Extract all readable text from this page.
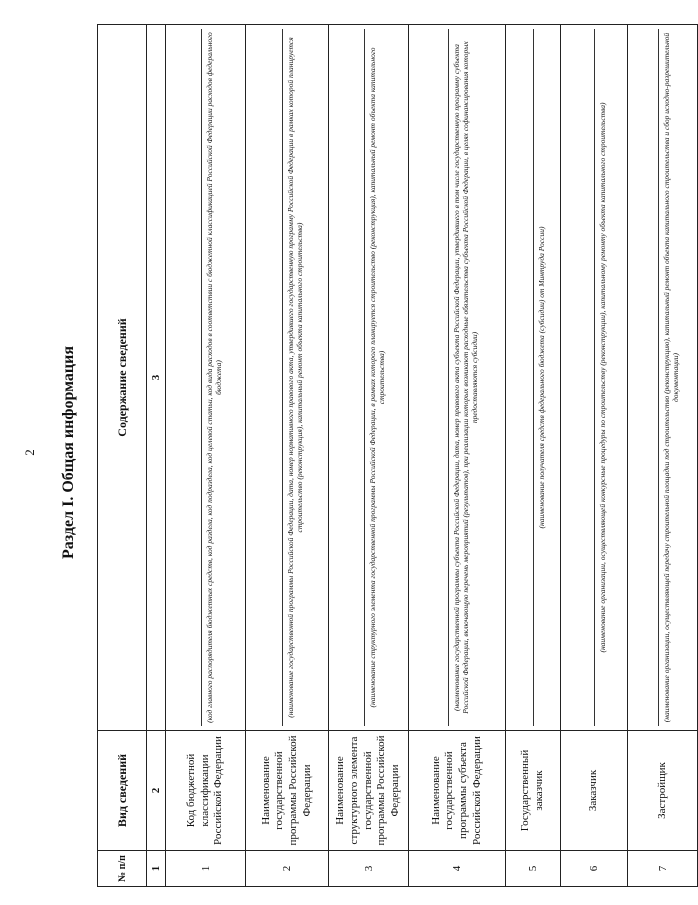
2 Раздел I. Общая информация
№ п/п	Вид сведений	Содержание сведений
1	2	3
1	Код бюджетной классификации Российской Федерации	(код главного распорядителя бюджетных средств, код раздела, код подраздела, код целевой статьи, код вида расходов в соответствии с бюджетной классификацией Российской Федерации расходов федерального бюджета)

2	Наименование государственной программы Российской Федерации	(наименование государственной программы Российской Федерации, дата, номер нормативного правового акта, утвердившего государственную программу Российской Федерации в рамках которой планируется строительство (реконструкция), капитальный ремонт объекта капитального строительства)

3	Наименование структурного элемента государственной программы Российской Федерации	(наименование структурного элемента государственной программы Российской Федерации, в рамках которого планируется строительство (реконструкция), капитальный ремонт объекта капитального строительства)

4	Наименование государственной программы субъекта Российской Федерации	(наименование государственной программы субъекта Российской Федерации, дата, номер правового акта субъекта Российской Федерации, утвердившего в том числе государственную программу субъекта Российской Федерации, включающую перечень мероприятий (результатов), при реализации которых возникают расходные обязательства субъекта Российской Федерации, в целях софинансирования которых предоставляются субсидии)

5	Государственный заказчик	(наименование получателя средств федерального бюджета (субсидии) от Минтруда России)

6	Заказчик	(наименование организации, осуществляющей конкурсные процедуры по строительству (реконструкции), капитальному ремонту объекта капитального строительства)

7	Застройщик	(наименование организации, осуществляющей передачу строительной площадки под строительство (реконструкцию), капитальный ремонт объекта капитального строительства и сбор исходно-разрешительной документации)
